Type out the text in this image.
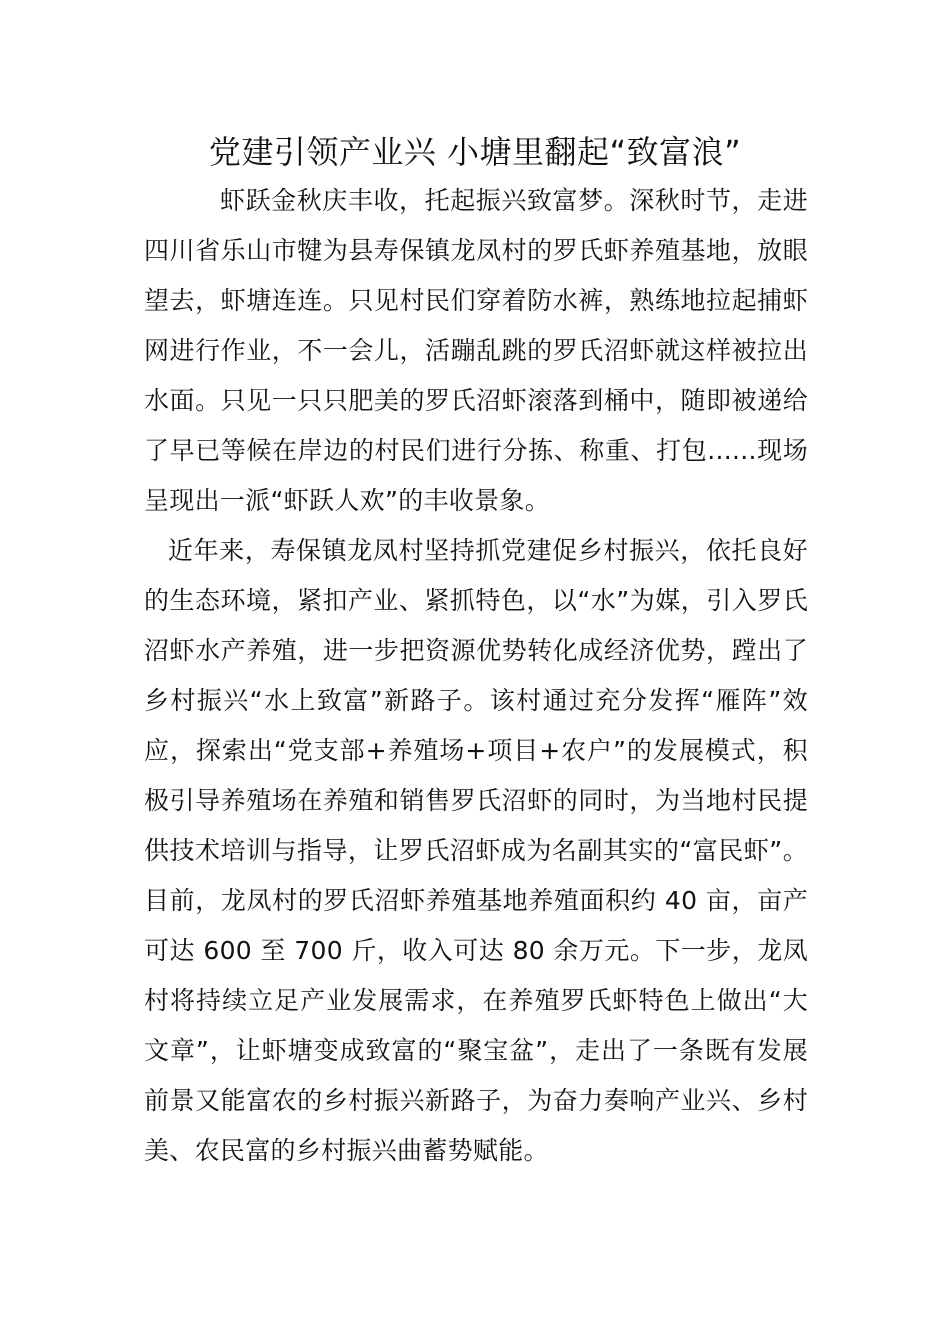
党建引领产业兴 小塘里翻起“致富浪”

虾跃金秋庆丰收，托起振兴致富梦。深秋时节，走进四川省乐山市犍为县寿保镇龙凤村的罗氏虾养殖基地，放眼望去，虾塘连连。只见村民们穿着防水裤，熟练地拉起捕虾网进行作业，不一会儿，活蹦乱跳的罗氏沼虾就这样被拉出水面。只见一只只肥美的罗氏沼虾滚落到桶中，随即被递给了早已等候在岸边的村民们进行分拣、称重、打包......现场呈现出一派“虾跃人欢”的丰收景象。

近年来，寿保镇龙凤村坚持抓党建促乡村振兴，依托良好的生态环境，紧扣产业、紧抓特色，以“水”为媒，引入罗氏沼虾水产养殖，进一步把资源优势转化成经济优势，蹚出了乡村振兴“水上致富”新路子。该村通过充分发挥“雁阵”效应，探索出“党支部+养殖场+项目+农户”的发展模式，积极引导养殖场在养殖和销售罗氏沼虾的同时，为当地村民提供技术培训与指导，让罗氏沼虾成为名副其实的“富民虾”。目前，龙凤村的罗氏沼虾养殖基地养殖面积约 40 亩，亩产可达 600 至 700 斤，收入可达 80 余万元。下一步，龙凤村将持续立足产业发展需求，在养殖罗氏虾特色上做出“大文章”，让虾塘变成致富的“聚宝盆”，走出了一条既有发展前景又能富农的乡村振兴新路子，为奋力奏响产业兴、乡村美、农民富的乡村振兴曲蓄势赋能。
